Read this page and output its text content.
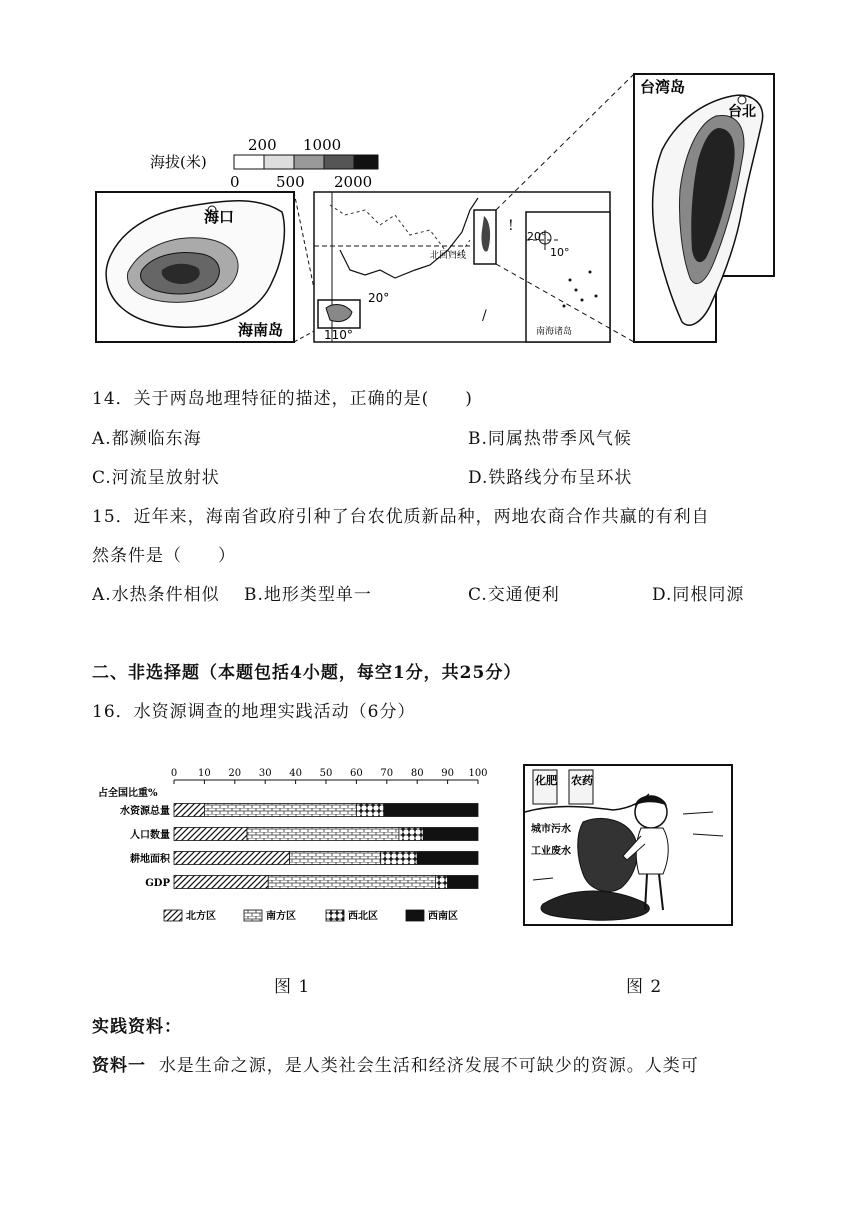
海拔(米)
200 1000
0 500 2000
海口
海南岛
北回归线
20°
110°
!
/
20°
10°
南海诸岛
台湾岛
台北
14．关于两岛地理特征的描述，正确的是(　　)
A.都濒临东海	B.同属热带季风气候
C.河流呈放射状	D.铁路线分布呈环状
15．近年来，海南省政府引种了台农优质新品种，两地农商合作共赢的有利自
然条件是（　　）
A.水热条件相似 B.地形类型单一	C.交通便利	D.同根同源
二、非选择题（本题包括4小题，每空1分，共25分）
16．水资源调查的地理实践活动（6分）
占全国比重%
0 10 20 30 40 50 60 70 80 90 100
水资源总量
人口数量
耕地面积
GDP
北方区	南方区	西北区	西南区
化肥 农药
城市污水
工业废水
图 1	图 2
实践资料：
资料一 水是生命之源，是人类社会生活和经济发展不可缺少的资源。人类可
